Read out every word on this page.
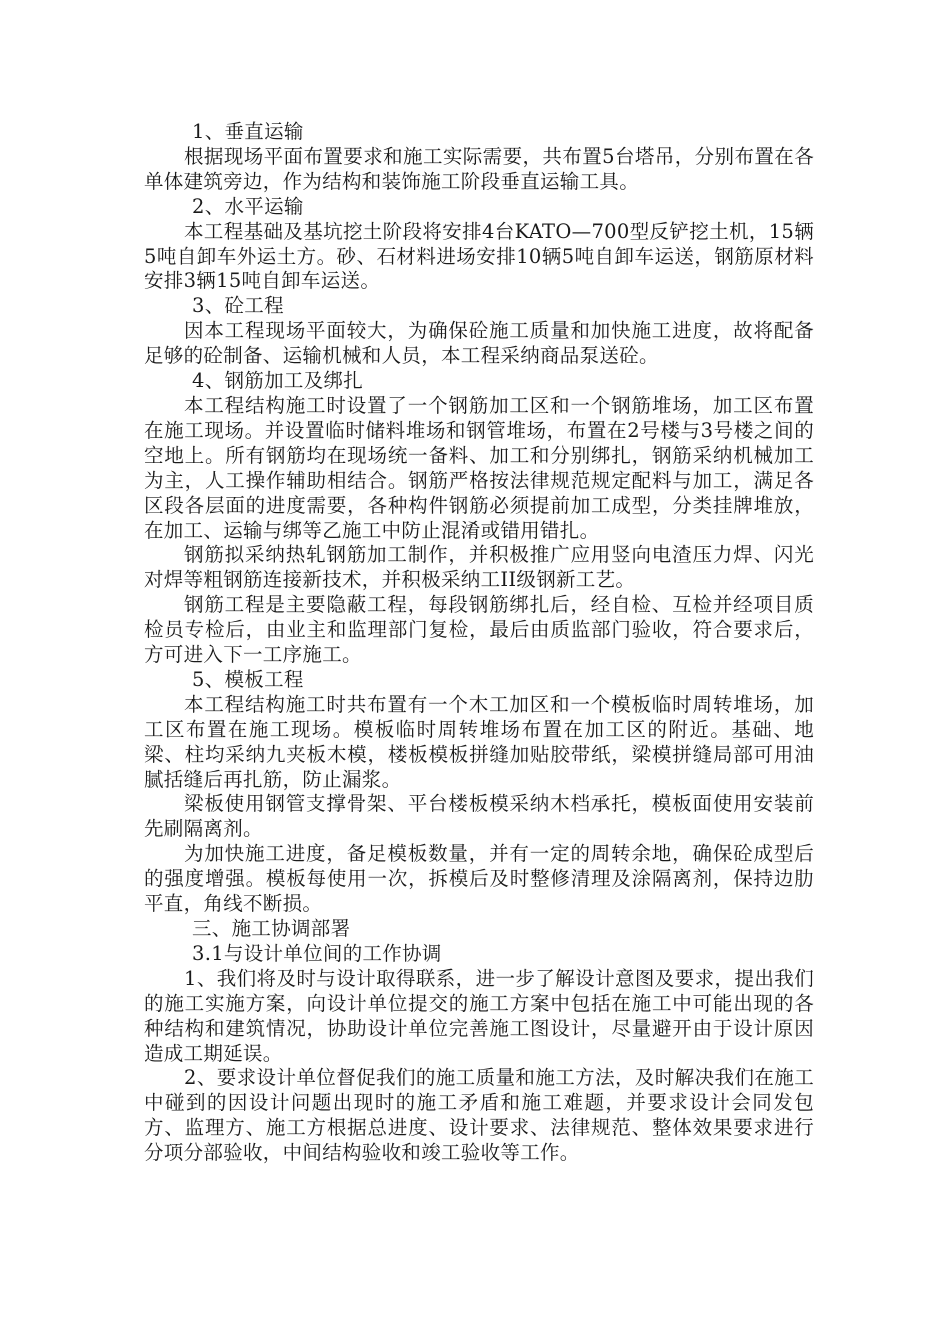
1、垂直运输

根据现场平面布置要求和施工实际需要，共布置5台塔吊，分别布置在各单体建筑旁边，作为结构和装饰施工阶段垂直运输工具。

2、水平运输

本工程基础及基坑挖土阶段将安排4台KATO—700型反铲挖土机，15辆5吨自卸车外运土方。砂、石材料进场安排10辆5吨自卸车运送，钢筋原材料安排3辆15吨自卸车运送。

3、砼工程

因本工程现场平面较大，为确保砼施工质量和加快施工进度，故将配备足够的砼制备、运输机械和人员，本工程采纳商品泵送砼。

4、钢筋加工及绑扎

本工程结构施工时设置了一个钢筋加工区和一个钢筋堆场，加工区布置在施工现场。并设置临时储料堆场和钢管堆场，布置在2号楼与3号楼之间的空地上。所有钢筋均在现场统一备料、加工和分别绑扎，钢筋采纳机械加工为主，人工操作辅助相结合。钢筋严格按法律规范规定配料与加工，满足各区段各层面的进度需要，各种构件钢筋必须提前加工成型，分类挂牌堆放，在加工、运输与绑等乙施工中防止混淆或错用错扎。

钢筋拟采纳热轧钢筋加工制作，并积极推广应用竖向电渣压力焊、闪光对焊等粗钢筋连接新技术，并积极采纳工II级钢新工艺。

钢筋工程是主要隐蔽工程，每段钢筋绑扎后，经自检、互检并经项目质检员专检后，由业主和监理部门复检，最后由质监部门验收，符合要求后，方可进入下一工序施工。

5、模板工程

本工程结构施工时共布置有一个木工加区和一个模板临时周转堆场，加工区布置在施工现场。模板临时周转堆场布置在加工区的附近。基础、地梁、柱均采纳九夹板木模，楼板模板拼缝加贴胶带纸，梁模拼缝局部可用油腻括缝后再扎筋，防止漏浆。

梁板使用钢管支撑骨架、平台楼板模采纳木档承托，模板面使用安装前先刷隔离剂。

为加快施工进度，备足模板数量，并有一定的周转余地，确保砼成型后的强度增强。模板每使用一次，拆模后及时整修清理及涂隔离剂，保持边肋平直，角线不断损。

三、施工协调部署

3.1与设计单位间的工作协调

1、我们将及时与设计取得联系，进一步了解设计意图及要求，提出我们的施工实施方案，向设计单位提交的施工方案中包括在施工中可能出现的各种结构和建筑情况，协助设计单位完善施工图设计，尽量避开由于设计原因造成工期延误。

2、要求设计单位督促我们的施工质量和施工方法，及时解决我们在施工中碰到的因设计问题出现时的施工矛盾和施工难题，并要求设计会同发包方、监理方、施工方根据总进度、设计要求、法律规范、整体效果要求进行分项分部验收，中间结构验收和竣工验收等工作。
